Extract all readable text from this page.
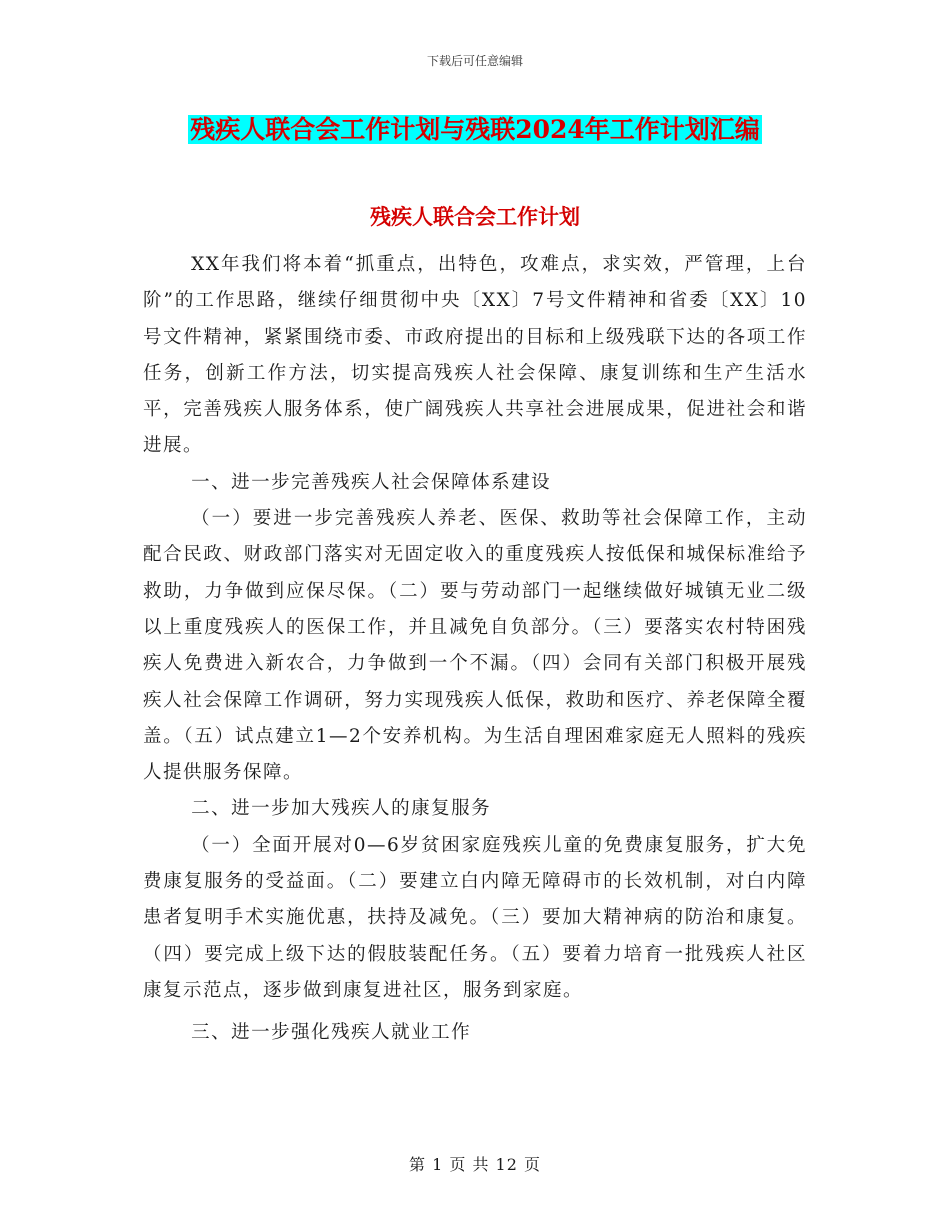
下载后可任意编辑
残疾人联合会工作计划与残联2024年工作计划汇编
残疾人联合会工作计划

XX年我们将本着“抓重点，出特色，攻难点，求实效，严管理，上台阶”的工作思路，继续仔细贯彻中央〔XX〕7号文件精神和省委〔XX〕10号文件精神，紧紧围绕市委、市政府提出的目标和上级残联下达的各项工作任务，创新工作方法，切实提高残疾人社会保障、康复训练和生产生活水平，完善残疾人服务体系，使广阔残疾人共享社会进展成果，促进社会和谐进展。

一、进一步完善残疾人社会保障体系建设

（一）要进一步完善残疾人养老、医保、救助等社会保障工作，主动配合民政、财政部门落实对无固定收入的重度残疾人按低保和城保标准给予救助，力争做到应保尽保。（二）要与劳动部门一起继续做好城镇无业二级以上重度残疾人的医保工作，并且减免自负部分。（三）要落实农村特困残疾人免费进入新农合，力争做到一个不漏。（四）会同有关部门积极开展残疾人社会保障工作调研，努力实现残疾人低保，救助和医疗、养老保障全覆盖。（五）试点建立1—2个安养机构。为生活自理困难家庭无人照料的残疾人提供服务保障。

二、进一步加大残疾人的康复服务

（一）全面开展对0—6岁贫困家庭残疾儿童的免费康复服务，扩大免费康复服务的受益面。（二）要建立白内障无障碍市的长效机制，对白内障患者复明手术实施优惠，扶持及减免。（三）要加大精神病的防治和康复。（四）要完成上级下达的假肢装配任务。（五）要着力培育一批残疾人社区康复示范点，逐步做到康复进社区，服务到家庭。

三、进一步强化残疾人就业工作

第 1 页 共 12 页
